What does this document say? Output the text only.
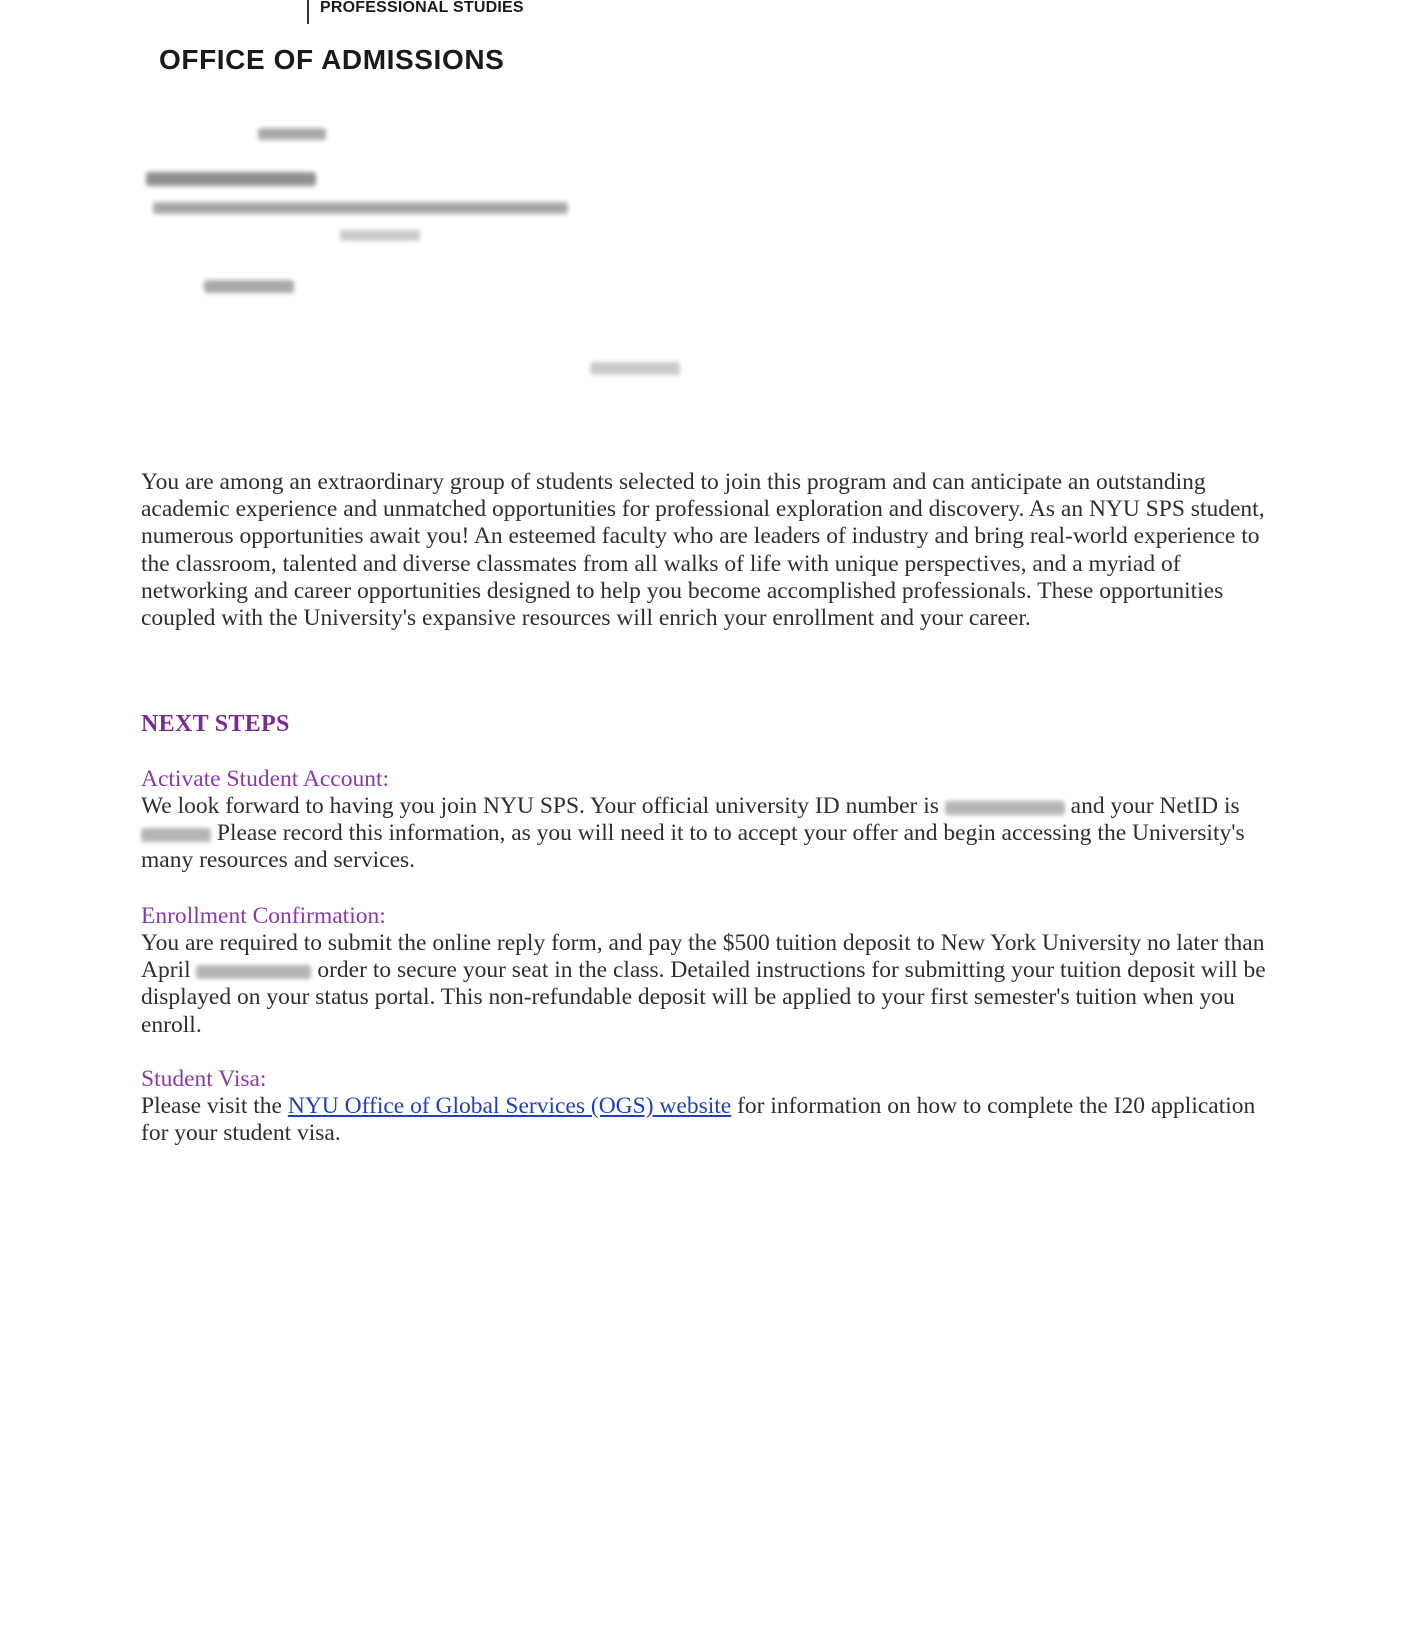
PROFESSIONAL STUDIES
OFFICE OF ADMISSIONS
You are among an extraordinary group of students selected to join this program and can anticipate an outstanding academic experience and unmatched opportunities for professional exploration and discovery. As an NYU SPS student, numerous opportunities await you! An esteemed faculty who are leaders of industry and bring real-world experience to the classroom, talented and diverse classmates from all walks of life with unique perspectives, and a myriad of networking and career opportunities designed to help you become accomplished professionals. These opportunities coupled with the University's expansive resources will enrich your enrollment and your career.
NEXT STEPS
Activate Student Account:
We look forward to having you join NYU SPS. Your official university ID number is	and your NetID is  Please record this information, as you will need it to to accept your offer and begin accessing the University's many resources and services.
Enrollment Confirmation:
You are required to submit the online reply form, and pay the $500 tuition deposit to New York University no later than April	order to secure your seat in the class. Detailed instructions for submitting your tuition deposit will be displayed on your status portal. This non-refundable deposit will be applied to your first semester's tuition when you enroll.
Student Visa:
Please visit the NYU Office of Global Services (OGS) website for information on how to complete the I20 application for your student visa.
